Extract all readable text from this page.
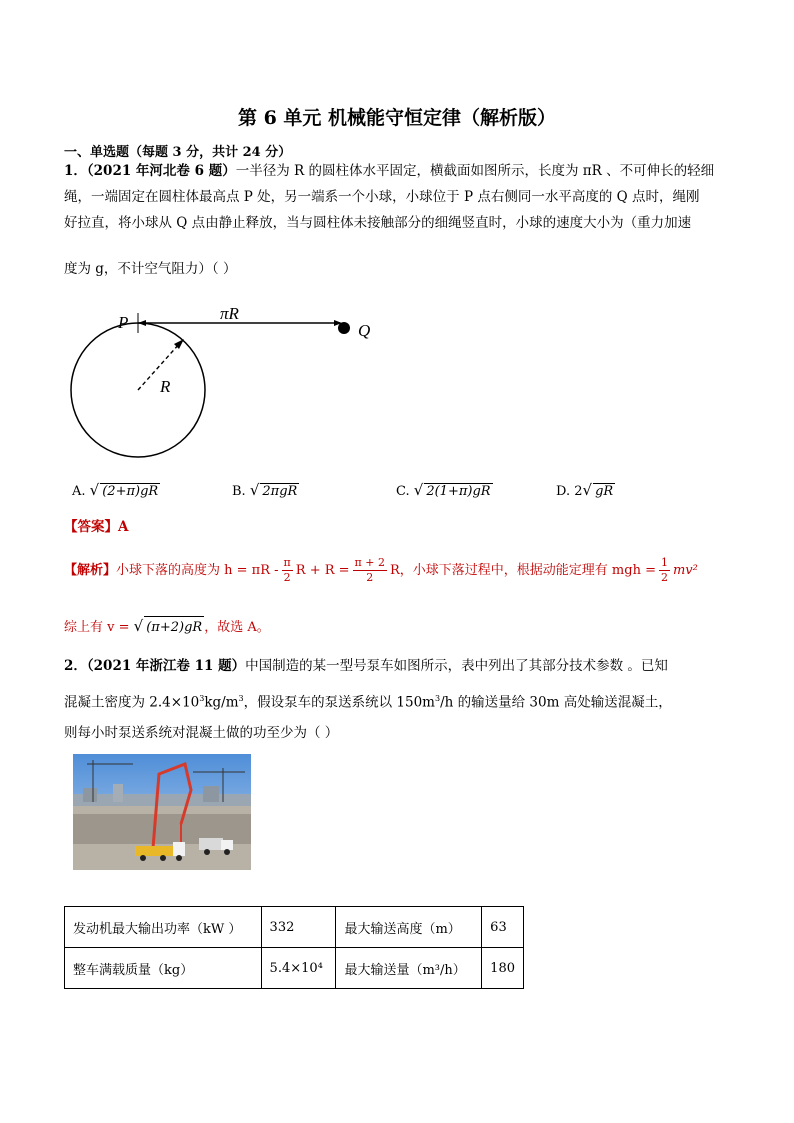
第 6 单元 机械能守恒定律（解析版）
一、单选题（每题 3 分，共计 24 分）
1．（2021 年河北卷 6 题）一半径为 R 的圆柱体水平固定，横截面如图所示，长度为 πR 、不可伸长的轻细
绳，一端固定在圆柱体最高点 P 处，另一端系一个小球，小球位于 P 点右侧同一水平高度的 Q 点时，绳刚
好拉直，将小球从 Q 点由静止释放，当与圆柱体未接触部分的细绳竖直时，小球的速度大小为（重力加速
度为 g，不计空气阻力）（ ）
P	Q
πR
R
A. √ (2+π)gR	B. √ 2πgR	C. √ 2(1+π)gR	D. 2√ gR
【答案】A
【解析】小球下落的高度为 $h = \pi R - \frac{\pi}{2}$ $R + R = \frac{\pi + 2}{2}$ R，小球下落过程中，根据动能定理有 mgh = $\frac{1}{2} mv^2$
综上有 v = √ (π+2)gR ，故选 A。
2．（2021 年浙江卷 11 题）中国制造的某一型号泵车如图所示，表中列出了其部分技术参数 。已知
混凝土密度为 $2.4\times 10^3kg/m^3$，假设泵车的泵送系统以 $150m^3/h$ 的输送量给 30m 高处输送混凝土，
则每小时泵送系统对混凝土做的功至少为（ ）
发动机最大输出功率（kW ）	332	最大输送高度（m）	63
整车满载质量（kg）	5.4×10⁴	最大输送量（m³/h）	180
